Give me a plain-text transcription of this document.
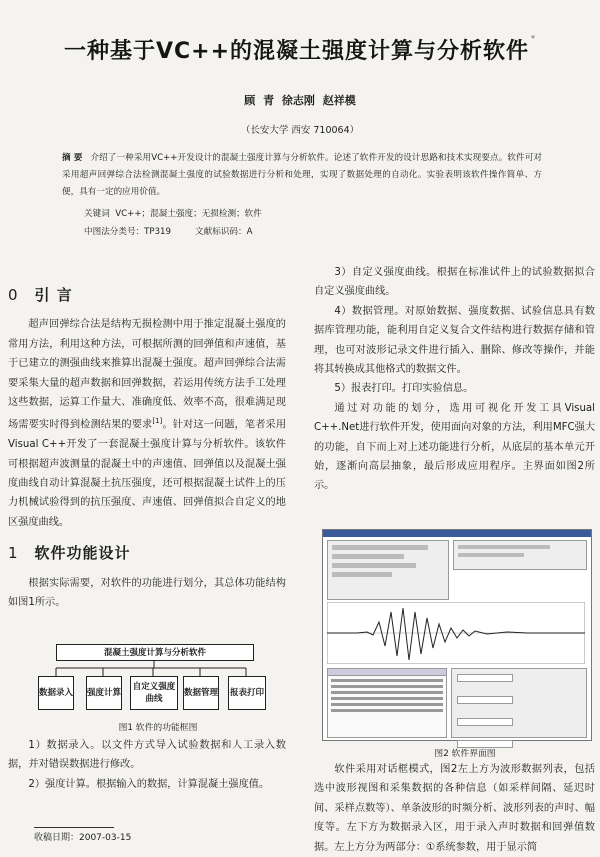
一种基于VC++的混凝土强度计算与分析软件*
顾 青 徐志刚 赵祥模
（长安大学 西安 710064）
摘 要 介绍了一种采用VC++开发设计的混凝土强度计算与分析软件。论述了软件开发的设计思路和技术实现要点。软件可对采用超声回弹综合法检测混凝土强度的试验数据进行分析和处理，实现了数据处理的自动化。实验表明该软件操作简单、方便，具有一定的应用价值。
关键词 VC++；混凝土强度；无损检测；软件
中图法分类号：TP319	文献标识码：A
0 引 言

超声回弹综合法是结构无损检测中用于推定混凝土强度的常用方法，利用这种方法，可根据所测的回弹值和声速值，基于已建立的测强曲线来推算出混凝土强度。超声回弹综合法需要采集大量的超声数据和回弹数据，若运用传统方法手工处理这些数据，运算工作量大、准确度低、效率不高，很难满足现场需要实时得到检测结果的要求[1]。针对这一问题，笔者采用Visual C++开发了一套混凝土强度计算与分析软件。该软件可根据超声波测量的混凝土中的声速值、回弹值以及混凝土强度曲线自动计算混凝土抗压强度，还可根据混凝土试件上的压力机械试验得到的抗压强度、声速值、回弹值拟合自定义的地区强度曲线。

1 软件功能设计

根据实际需要，对软件的功能进行划分，其总体功能结构如图1所示。

混凝土强度计算与分析软件
数据录入 强度计算
自定义强度曲线
数据管理 报表打印
图1 软件的功能框图

1）数据录入。以文件方式导入试验数据和人工录入数据，并对错误数据进行修改。

2）强度计算。根据输入的数据，计算混凝土强度值。

3）自定义强度曲线。根据在标准试件上的试验数据拟合自定义强度曲线。

4）数据管理。对原始数据、强度数据、试验信息具有数据库管理功能，能利用自定义复合文件结构进行数据存储和管理，也可对波形记录文件进行插入、删除、修改等操作，并能将其转换成其他格式的数据文件。

5）报表打印。打印实验信息。

通过对功能的划分，选用可视化开发工具Visual C++.Net进行软件开发，使用面向对象的方法，利用MFC强大的功能，自下而上对上述功能进行分析，从底层的基本单元开始，逐渐向高层抽象，最后形成应用程序。主界面如图2所示。

图2 软件界面图

软件采用对话框模式，图2左上方为波形数据列表，包括选中波形视图和采集数据的各种信息（如采样间隔、延迟时间、采样点数等）、单条波形的时频分析、波形列表的声时、幅度等。左下方为数据录入区，用于录入声时数据和回弹值数据。左上方分为两部分：①系统参数，用于显示简

收稿日期：2007-03-15
